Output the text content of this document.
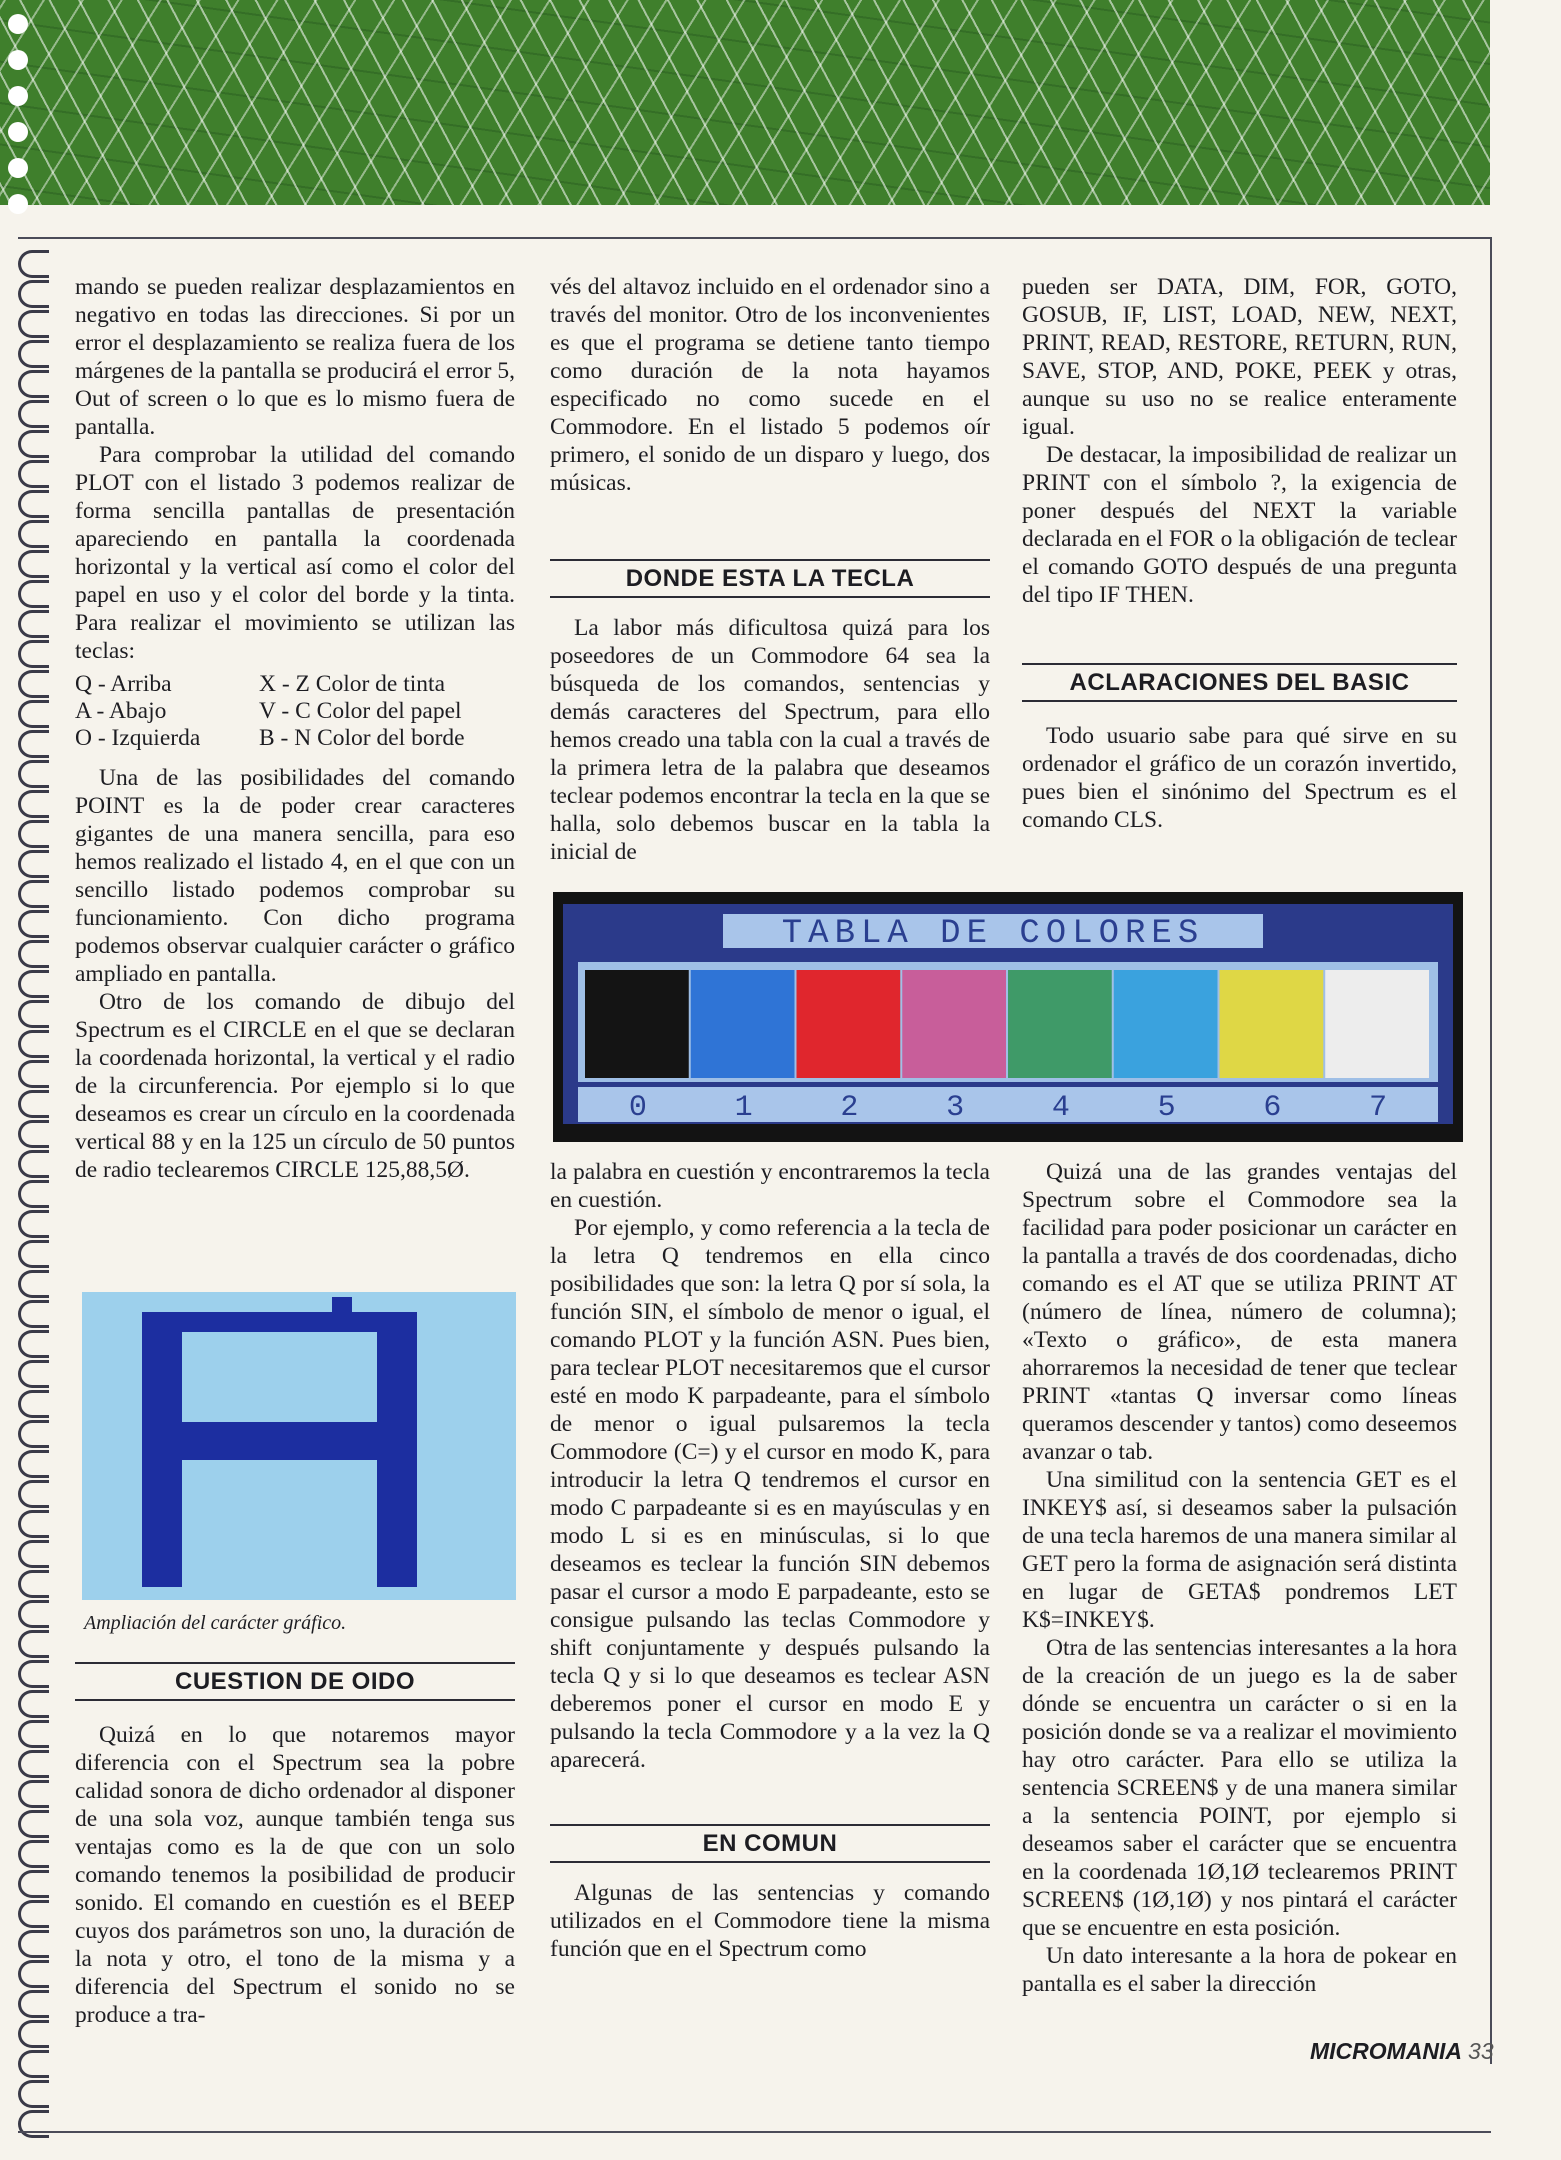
mando se pueden realizar desplazamientos en negativo en todas las direcciones. Si por un error el desplazamiento se realiza fuera de los márgenes de la pantalla se producirá el error 5, Out of screen o lo que es lo mismo fuera de pantalla.

Para comprobar la utilidad del comando PLOT con el listado 3 podemos realizar de forma sencilla pantallas de presentación apareciendo en pantalla la coordenada horizontal y la vertical así como el color del papel en uso y el color del borde y la tinta. Para realizar el movimiento se utilizan las teclas:

Q - Arriba	X - Z Color de tinta
A - Abajo	V - C Color del papel
O - Izquierda	B - N Color del borde

Una de las posibilidades del comando POINT es la de poder crear caracteres gigantes de una manera sencilla, para eso hemos realizado el listado 4, en el que con un sencillo listado podemos comprobar su funcionamiento. Con dicho programa podemos observar cualquier carácter o gráfico ampliado en pantalla.

Otro de los comando de dibujo del Spectrum es el CIRCLE en el que se declaran la coordenada horizontal, la vertical y el radio de la circunferencia. Por ejemplo si lo que deseamos es crear un círculo en la coordenada vertical 88 y en la 125 un círculo de 50 puntos de radio teclearemos CIRCLE 125,88,5Ø.

Ampliación del carácter gráfico.
CUESTION DE OIDO

Quizá en lo que notaremos mayor diferencia con el Spectrum sea la pobre calidad sonora de dicho ordenador al disponer de una sola voz, aunque también tenga sus ventajas como es la de que con un solo comando tenemos la posibilidad de producir sonido. El comando en cuestión es el BEEP cuyos dos parámetros son uno, la duración de la nota y otro, el tono de la misma y a diferencia del Spectrum el sonido no se produce a tra-

vés del altavoz incluido en el ordenador sino a través del monitor. Otro de los inconvenientes es que el programa se detiene tanto tiempo como duración de la nota hayamos especificado no como sucede en el Commodore. En el listado 5 podemos oír primero, el sonido de un disparo y luego, dos músicas.

DONDE ESTA LA TECLA

La labor más dificultosa quizá para los poseedores de un Commodore 64 sea la búsqueda de los comandos, sentencias y demás caracteres del Spectrum, para ello hemos creado una tabla con la cual a través de la primera letra de la palabra que deseamos teclear podemos encontrar la tecla en la que se halla, solo debemos buscar en la tabla la inicial de

TABLA DE COLORES
0	1	2	3	4	5	6	7

la palabra en cuestión y encontraremos la tecla en cuestión.

Por ejemplo, y como referencia a la tecla de la letra Q tendremos en ella cinco posibilidades que son: la letra Q por sí sola, la función SIN, el símbolo de menor o igual, el comando PLOT y la función ASN. Pues bien, para teclear PLOT necesitaremos que el cursor esté en modo K parpadeante, para el símbolo de menor o igual pulsaremos la tecla Commodore (C=) y el cursor en modo K, para introducir la letra Q tendremos el cursor en modo C parpadeante si es en mayúsculas y en modo L si es en minúsculas, si lo que deseamos es teclear la función SIN debemos pasar el cursor a modo E parpadeante, esto se consigue pulsando las teclas Commodore y shift conjuntamente y después pulsando la tecla Q y si lo que deseamos es teclear ASN deberemos poner el cursor en modo E y pulsando la tecla Commodore y a la vez la Q aparecerá.

EN COMUN

Algunas de las sentencias y comando utilizados en el Commodore tiene la misma función que en el Spectrum como

pueden ser DATA, DIM, FOR, GOTO, GOSUB, IF, LIST, LOAD, NEW, NEXT, PRINT, READ, RESTORE, RETURN, RUN, SAVE, STOP, AND, POKE, PEEK y otras, aunque su uso no se realice enteramente igual.

De destacar, la imposibilidad de realizar un PRINT con el símbolo ?, la exigencia de poner después del NEXT la variable declarada en el FOR o la obligación de teclear el comando GOTO después de una pregunta del tipo IF THEN.

ACLARACIONES DEL BASIC

Todo usuario sabe para qué sirve en su ordenador el gráfico de un corazón invertido, pues bien el sinónimo del Spectrum es el comando CLS.

Quizá una de las grandes ventajas del Spectrum sobre el Commodore sea la facilidad para poder posicionar un carácter en la pantalla a través de dos coordenadas, dicho comando es el AT que se utiliza PRINT AT (número de línea, número de columna); «Texto o gráfico», de esta manera ahorraremos la necesidad de tener que teclear PRINT «tantas Q inversar como líneas queramos descender y tantos) como deseemos avanzar o tab.

Una similitud con la sentencia GET es el INKEY$ así, si deseamos saber la pulsación de una tecla haremos de una manera similar al GET pero la forma de asignación será distinta en lugar de GETA$ pondremos LET K$=INKEY$.

Otra de las sentencias interesantes a la hora de la creación de un juego es la de saber dónde se encuentra un carácter o si en la posición donde se va a realizar el movimiento hay otro carácter. Para ello se utiliza la sentencia SCREEN$ y de una manera similar a la sentencia POINT, por ejemplo si deseamos saber el carácter que se encuentra en la coordenada 1Ø,1Ø teclearemos PRINT SCREEN$ (1Ø,1Ø) y nos pintará el carácter que se encuentre en esta posición.

Un dato interesante a la hora de pokear en pantalla es el saber la dirección

MICROMANIA 33
